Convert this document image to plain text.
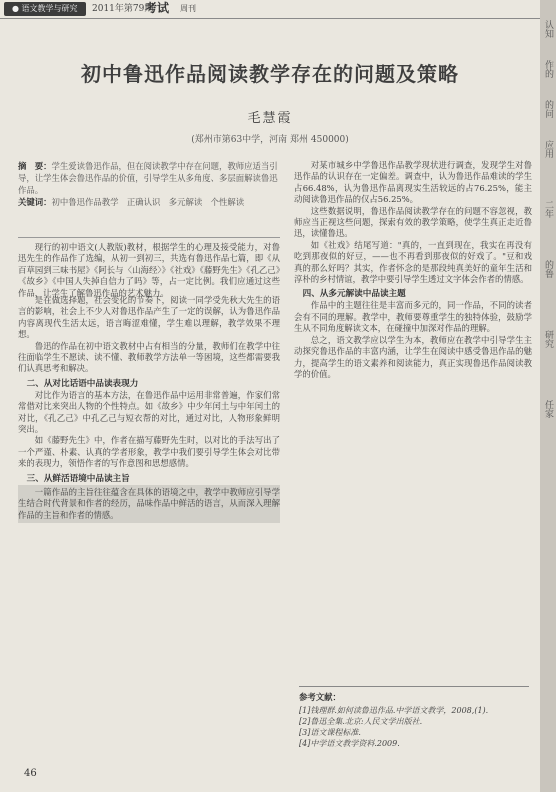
● 语文教学与研究	2011年第79期
考试 周刊
初中鲁迅作品阅读教学存在的问题及策略
毛慧霞
(郑州市第63中学，河南 郑州 450000)
摘　要：学生爱读鲁迅作品，但在阅读教学中存在问题，教师应适当引导，让学生体会鲁迅作品的价值，引导学生从多角度、多层面解读鲁迅作品。
关键词：初中鲁迅作品教学　正确认识　多元解读　个性解读

现行的初中语文(人教版)教材，根据学生的心理及接受能力，对鲁迅先生的作品作了选编，从初一到初三，共选有鲁迅作品七篇，即《从百草园到三味书屋》《阿长与〈山海经〉》《社戏》《藤野先生》《孔乙己》《故乡》《中国人失掉自信力了吗》等，占一定比例。我们应通过这些作品，让学生了解鲁迅作品的艺术魅力。

是在做选择题，社会变化的节奏下，阅读一同学受先秋大先生的语言的影响，社会上不少人对鲁迅作品产生了一定的误解，认为鲁迅作品内容离现代生活太远，语言晦涩难懂，学生难以理解，教学效果不理想。

鲁迅的作品在初中语文教材中占有相当的分量，教师们在教学中往往面临学生不愿读、读不懂、教师教学方法单一等困境，这些都需要我们认真思考和解决。

二、从对比话语中品读表现力

对比作为语言的基本方法，在鲁迅作品中运用非常普遍，作家们常常借对比来突出人物的个性特点。如《故乡》中少年闰土与中年闰土的对比，《孔乙己》中孔乙己与短衣帮的对比，通过对比，人物形象鲜明突出。

如《藤野先生》中，作者在描写藤野先生时，以对比的手法写出了一个严谨、朴素、认真的学者形象，教学中我们要引导学生体会对比带来的表现力，领悟作者的写作意图和思想感情。

三、从鲜活语境中品读主旨

一篇作品的主旨往往蕴含在具体的语境之中，教学中教师应引导学生结合时代背景和作者的经历，品味作品中鲜活的语言，从而深入理解作品的主旨和作者的情感。

对某市城乡中学鲁迅作品教学现状进行调查，发现学生对鲁迅作品的认识存在一定偏差。调查中，认为鲁迅作品难读的学生占66.48%，认为鲁迅作品离现实生活较远的占76.25%，能主动阅读鲁迅作品的仅占56.25%。

这些数据说明，鲁迅作品阅读教学存在的问题不容忽视，教师应当正视这些问题，探索有效的教学策略，使学生真正走近鲁迅，读懂鲁迅。

如《社戏》结尾写道："真的，一直到现在，我实在再没有吃到那夜似的好豆，——也不再看到那夜似的好戏了。"豆和戏真的那么好吗？其实，作者怀念的是那段纯真美好的童年生活和淳朴的乡村情谊，教学中要引导学生透过文字体会作者的情感。

四、从多元解读中品读主题

作品中的主题往往是丰富而多元的，同一作品，不同的读者会有不同的理解。教学中，教师要尊重学生的独特体验，鼓励学生从不同角度解读文本，在碰撞中加深对作品的理解。

总之，语文教学应以学生为本，教师应在教学中引导学生主动探究鲁迅作品的丰富内涵，让学生在阅读中感受鲁迅作品的魅力，提高学生的语文素养和阅读能力，真正实现鲁迅作品阅读教学的价值。

参考文献：
[1]钱理群.如何读鲁迅作品.中学语文教学，2008,(1).
[2]鲁迅全集.北京:人民文学出版社.
[3]语文课程标准.
[4]中学语文教学资料.2009.
46
认知
作的
的问
应用
二年
的鲁
研究
任家
